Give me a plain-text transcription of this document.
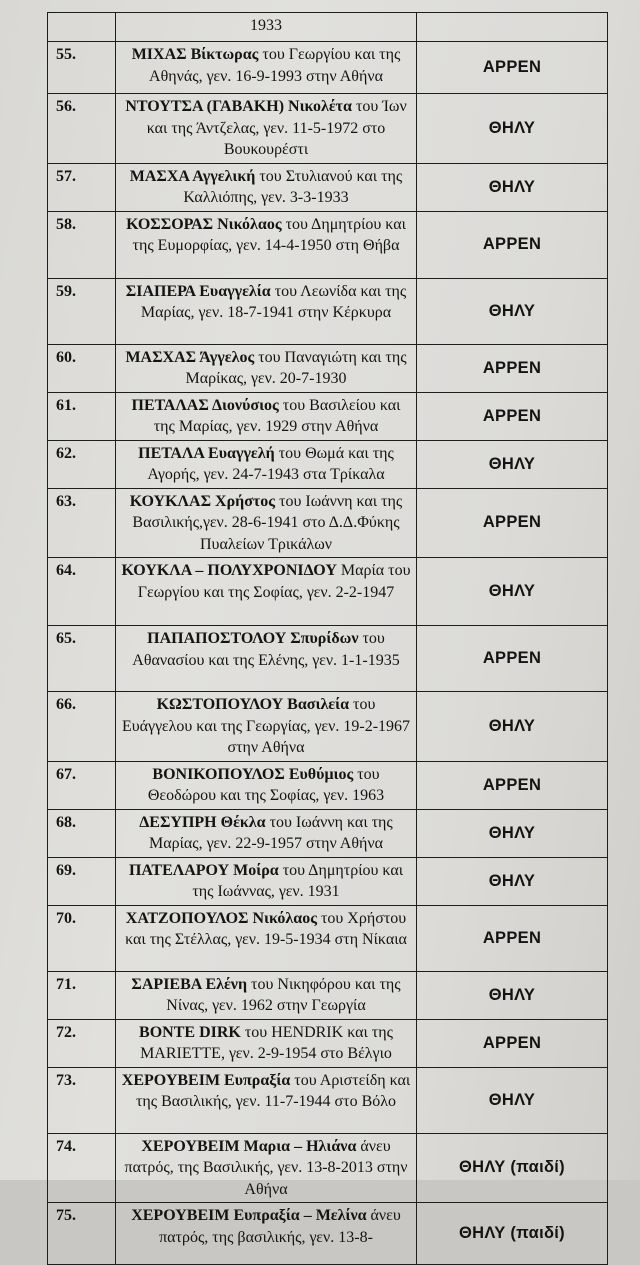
	1933	
55.	ΜΙΧΑΣ Βίκτωρας του Γεωργίου και της Αθηνάς, γεν. 16-9-1993 στην Αθήνα	ΑΡΡΕΝ
56.	ΝΤΟΥΤΣΑ (ΓΑΒΑΚΗ) Νικολέτα του Ίων και της Άντζελας, γεν. 11-5-1972 στο Βουκουρέστι	ΘΗΛΥ
57.	ΜΑΣΧΑ Αγγελική του Στυλιανού και της Καλλιόπης, γεν. 3-3-1933	ΘΗΛΥ
58.	ΚΟΣΣΟΡΑΣ Νικόλαος του Δημητρίου και της Ευμορφίας, γεν. 14-4-1950 στη Θήβα	ΑΡΡΕΝ
59.	ΣΙΑΠΕΡΑ Ευαγγελία του Λεωνίδα και της Μαρίας, γεν. 18-7-1941 στην Κέρκυρα	ΘΗΛΥ
60.	ΜΑΣΧΑΣ Άγγελος του Παναγιώτη και της Μαρίκας, γεν. 20-7-1930	ΑΡΡΕΝ
61.	ΠΕΤΑΛΑΣ Διονύσιος του Βασιλείου και της Μαρίας, γεν. 1929 στην Αθήνα	ΑΡΡΕΝ
62.	ΠΕΤΑΛΑ Ευαγγελή του Θωμά και της Αγορής, γεν. 24-7-1943 στα Τρίκαλα	ΘΗΛΥ
63.	ΚΟΥΚΛΑΣ Χρήστος του Ιωάννη και της Βασιλικής,γεν. 28-6-1941 στο Δ.Δ.Φύκης Πυαλείων Τρικάλων	ΑΡΡΕΝ
64.	ΚΟΥΚΛΑ – ΠΟΛΥΧΡΟΝΙΔΟΥ Μαρία του Γεωργίου και της Σοφίας, γεν. 2-2-1947	ΘΗΛΥ
65.	ΠΑΠΑΠΟΣΤΟΛΟΥ Σπυρίδων του Αθανασίου και της Ελένης, γεν. 1-1-1935	ΑΡΡΕΝ
66.	ΚΩΣΤΟΠΟΥΛΟΥ Βασιλεία του Ευάγγελου και της Γεωργίας, γεν. 19-2-1967 στην Αθήνα	ΘΗΛΥ
67.	ΒΟΝΙΚΟΠΟΥΛΟΣ Ευθύμιος του Θεοδώρου και της Σοφίας, γεν. 1963	ΑΡΡΕΝ
68.	ΔΕΣΥΠΡΗ Θέκλα του Ιωάννη και της Μαρίας, γεν. 22-9-1957 στην Αθήνα	ΘΗΛΥ
69.	ΠΑΤΕΛΑΡΟΥ Μοίρα του Δημητρίου και της Ιωάννας, γεν. 1931	ΘΗΛΥ
70.	ΧΑΤΖΟΠΟΥΛΟΣ Νικόλαος του Χρήστου και της Στέλλας, γεν. 19-5-1934 στη Νίκαια	ΑΡΡΕΝ
71.	ΣΑΡΙΕΒΑ Ελένη του Νικηφόρου και της Νίνας, γεν. 1962 στην Γεωργία	ΘΗΛΥ
72.	BONTE DIRK του HENDRIK και της MARIETTE, γεν. 2-9-1954 στο Βέλγιο	ΑΡΡΕΝ
73.	ΧΕΡΟΥΒΕΙΜ Ευπραξία του Αριστείδη και της Βασιλικής, γεν. 11-7-1944 στο Βόλο	ΘΗΛΥ
74.	ΧΕΡΟΥΒΕΙΜ Μαρια – Ηλιάνα άνευ πατρός, της Βασιλικής, γεν. 13-8-2013 στην Αθήνα	ΘΗΛΥ (παιδί)
75.	ΧΕΡΟΥΒΕΙΜ Ευπραξία – Μελίνα άνευ πατρός, της βασιλικής, γεν. 13-8-	ΘΗΛΥ (παιδί)
